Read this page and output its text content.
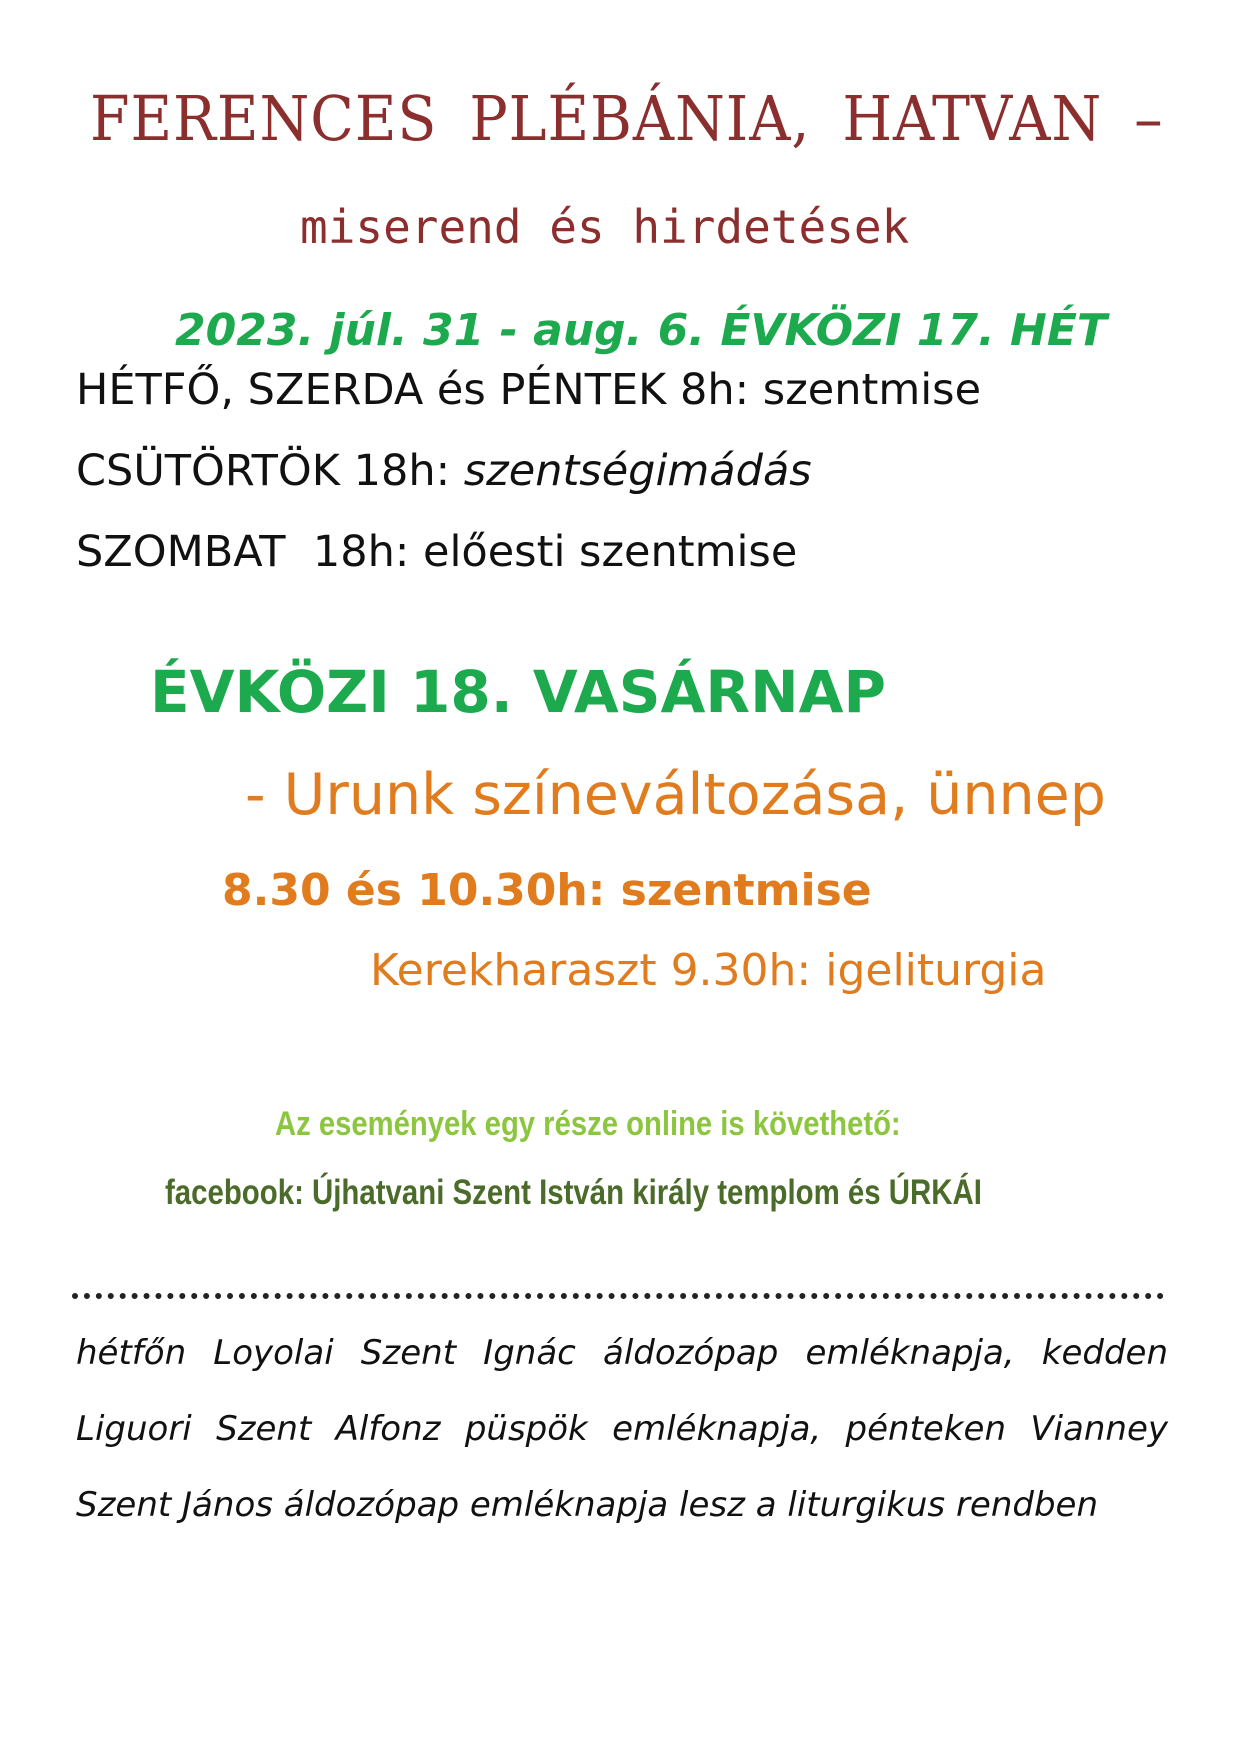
FERENCES PLÉBÁNIA, HATVAN –

miserend és hirdetések

2023. júl. 31 - aug. 6. ÉVKÖZI 17. HÉT

HÉTFŐ, SZERDA és PÉNTEK 8h: szentmise

CSÜTÖRTÖK 18h: szentségimádás

SZOMBAT  18h: előesti szentmise

ÉVKÖZI 18. VASÁRNAP

- Urunk színeváltozása, ünnep

8.30 és 10.30h: szentmise

Kerekharaszt 9.30h: igeliturgia

Az események egy része online is követhető:

facebook: Újhatvani Szent István király templom és ÚRKÁI

hétfőn Loyolai Szent Ignác áldozópap emléknapja, kedden Liguori Szent Alfonz püspök emléknapja, pénteken Vianney Szent János áldozópap emléknapja lesz a liturgikus rendben
